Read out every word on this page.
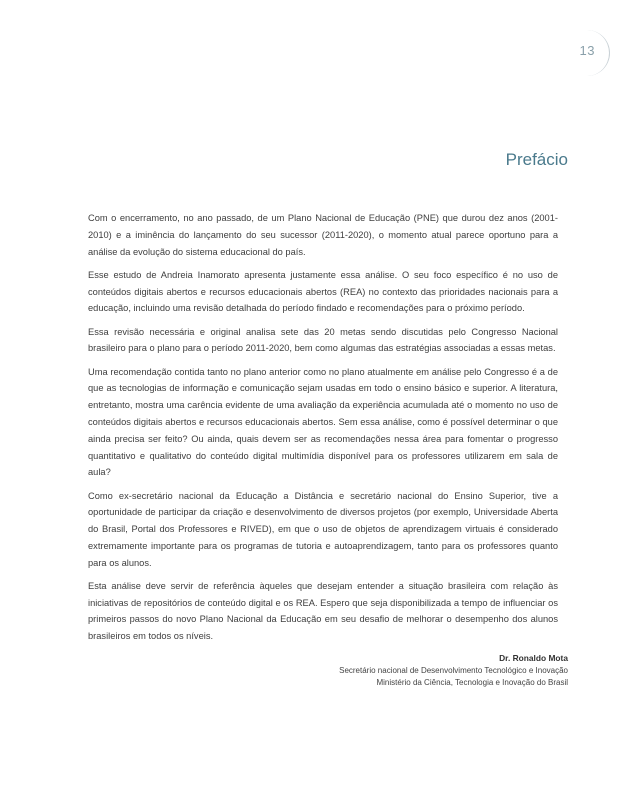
13
Prefácio

Com o encerramento, no ano passado, de um Plano Nacional de Educação (PNE) que durou dez anos (2001-2010) e a iminência do lançamento do seu sucessor (2011-2020), o momento atual parece oportuno para a análise da evolução do sistema educacional do país.

Esse estudo de Andreia Inamorato apresenta justamente essa análise. O seu foco específico é no uso de conteúdos digitais abertos e recursos educacionais abertos (REA) no contexto das prioridades nacionais para a educação, incluindo uma revisão detalhada do período findado e recomendações para o próximo período.

Essa revisão necessária e original analisa sete das 20 metas sendo discutidas pelo Congresso Nacional brasileiro para o plano para o período 2011-2020, bem como algumas das estratégias associadas a essas metas.

Uma recomendação contida tanto no plano anterior como no plano atualmente em análise pelo Congresso é a de que as tecnologias de informação e comunicação sejam usadas em todo o ensino básico e superior. A literatura, entretanto, mostra uma carência evidente de uma avaliação da experiência acumulada até o momento no uso de conteúdos digitais abertos e recursos educacionais abertos. Sem essa análise, como é possível determinar o que ainda precisa ser feito? Ou ainda, quais devem ser as recomendações nessa área para fomentar o progresso quantitativo e qualitativo do conteúdo digital multimídia disponível para os professores utilizarem em sala de aula?

Como ex-secretário nacional da Educação a Distância e secretário nacional do Ensino Superior, tive a oportunidade de participar da criação e desenvolvimento de diversos projetos (por exemplo, Universidade Aberta do Brasil, Portal dos Professores e RIVED), em que o uso de objetos de aprendizagem virtuais é considerado extremamente importante para os programas de tutoria e autoaprendizagem, tanto para os professores quanto para os alunos.

Esta análise deve servir de referência àqueles que desejam entender a situação brasileira com relação às iniciativas de repositórios de conteúdo digital e os REA. Espero que seja disponibilizada a tempo de influenciar os primeiros passos do novo Plano Nacional da Educação em seu desafio de melhorar o desempenho dos alunos brasileiros em todos os níveis.

Dr. Ronaldo Mota
Secretário nacional de Desenvolvimento Tecnológico e Inovação
Ministério da Ciência, Tecnologia e Inovação do Brasil
